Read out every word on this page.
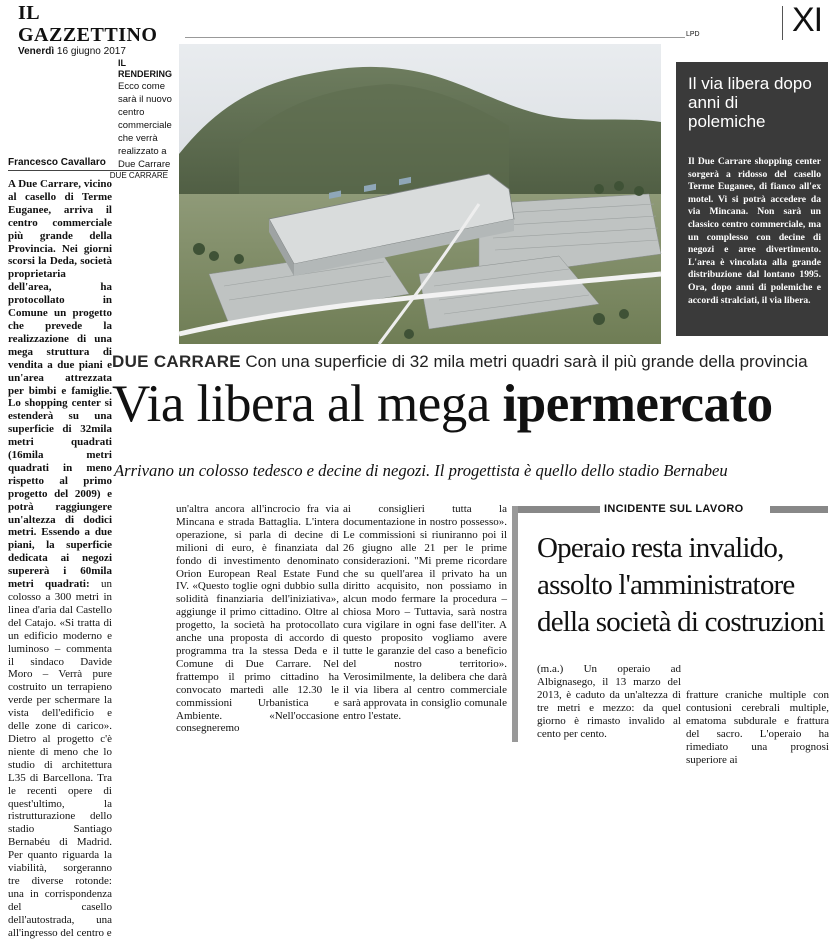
IL GAZZETTINO
Venerdì 16 giugno 2017
LPD	XI
IL RENDERING
Ecco come sarà il nuovo centro commerciale che verrà realizzato a Due Carrare
Francesco Cavallaro
DUE CARRARE
Il via libera dopo anni di polemiche
Il Due Carrare shopping center sorgerà a ridosso del casello Terme Euganee, di fianco all'ex motel. Vi si potrà accedere da via Mincana. Non sarà un classico centro commerciale, ma un complesso con decine di negozi e aree divertimento. L'area è vincolata alla grande distribuzione dal lontano 1995. Ora, dopo anni di polemiche e accordi stralciati, il via libera.
DUE CARRARE Con una superficie di 32 mila metri quadri sarà il più grande della provincia
Via libera al mega ipermercato
Arrivano un colosso tedesco e decine di negozi. Il progettista è quello dello stadio Bernabeu

A Due Carrare, vicino al casello di Terme Euganee, arriva il centro commerciale più grande della Provincia. Nei giorni scorsi la Deda, società proprietaria dell'area, ha protocollato in Comune un progetto che prevede la realizzazione di una mega struttura di vendita a due piani e un'area attrezzata per bimbi e famiglie. Lo shopping center si estenderà su una superficie di 32mila metri quadrati (16mila metri quadrati in meno rispetto al primo progetto del 2009) e potrà raggiungere un'altezza di dodici metri. Essendo a due piani, la superficie dedicata ai negozi supererà i 60mila metri quadrati: un colosso a 300 metri in linea d'aria dal Castello del Catajo. «Si tratta di un edificio moderno e luminoso – commenta il sindaco Davide Moro – Verrà pure costruito un terrapieno verde per schermare la vista dell'edificio e delle zone di carico». Dietro al progetto c'è niente di meno che lo studio di architettura L35 di Barcellona. Tra le recenti opere di quest'ultimo, la ristrutturazione dello stadio Santiago Bernabéu di Madrid. Per quanto riguarda la viabilità, sorgeranno tre diverse rotonde: una in corrispondenza del casello dell'autostrada, una all'ingresso del centro e

un'altra ancora all'incrocio fra via Mincana e strada Battaglia. L'intera operazione, si parla di decine di milioni di euro, è finanziata dal fondo di investimento denominato Orion European Real Estate Fund IV. «Questo toglie ogni dubbio sulla solidità finanziaria dell'iniziativa», aggiunge il primo cittadino. Oltre al progetto, la società ha protocollato anche una proposta di accordo di programma tra la stessa Deda e il Comune di Due Carrare. Nel frattempo il primo cittadino ha convocato martedì alle 12.30 le commissioni Urbanistica e Ambiente. «Nell'occasione consegneremo

ai consiglieri tutta la documentazione in nostro possesso». Le commissioni si riuniranno poi il 26 giugno alle 21 per le prime considerazioni. "Mi preme ricordare che su quell'area il privato ha un diritto acquisito, non possiamo in alcun modo fermare la procedura – chiosa Moro – Tuttavia, sarà nostra cura vigilare in ogni fase dell'iter. A questo proposito vogliamo avere tutte le garanzie del caso a beneficio del nostro territorio». Verosimilmente, la delibera che darà il via libera al centro commerciale sarà approvata in consiglio comunale entro l'estate.

INCIDENTE SUL LAVORO
Operaio resta invalido, assolto l'amministratore della società di costruzioni

(m.a.) Un operaio ad Albignasego, il 13 marzo del 2013, è caduto da un'altezza di tre metri e mezzo: da quel giorno è rimasto invalido al cento per cento.

fratture craniche multiple con contusioni cerebrali multiple, ematoma subdurale e frattura del sacro. L'operaio ha rimediato una prognosi superiore ai
